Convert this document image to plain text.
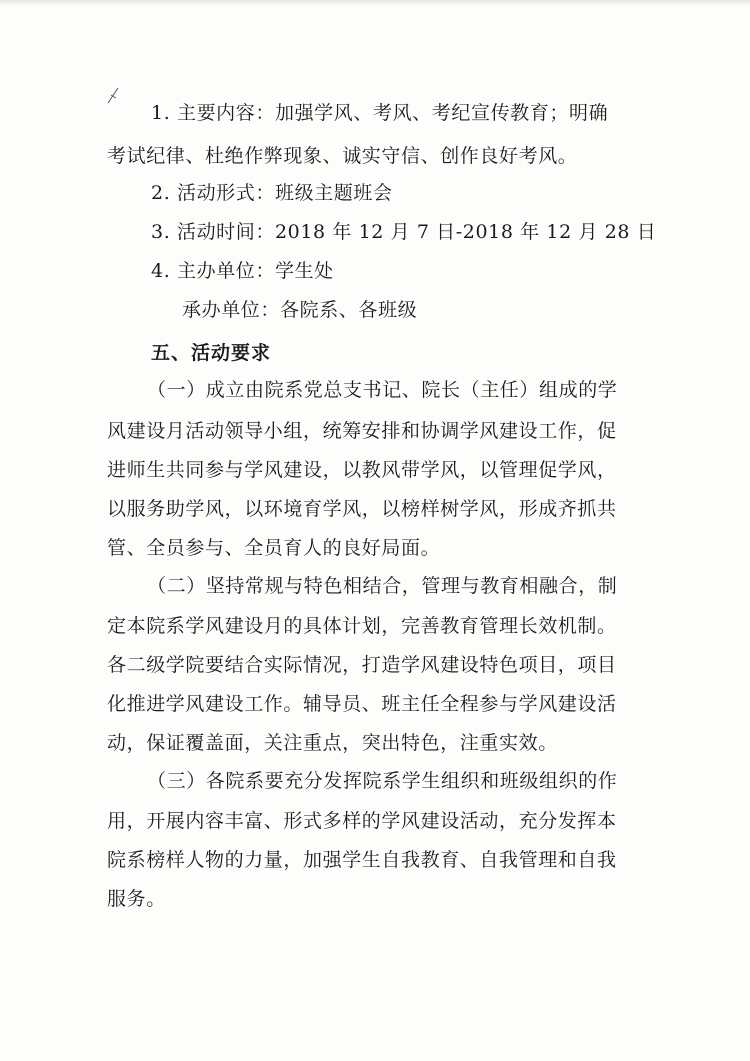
1. 主要内容：加强学风、考风、考纪宣传教育；明确
考试纪律、杜绝作弊现象、诚实守信、创作良好考风。
2. 活动形式：班级主题班会
3. 活动时间：2018 年 12 月 7 日-2018 年 12 月 28 日
4. 主办单位：学生处
承办单位：各院系、各班级
五、活动要求
（一）成立由院系党总支书记、院长（主任）组成的学
风建设月活动领导小组，统筹安排和协调学风建设工作，促
进师生共同参与学风建设，以教风带学风，以管理促学风，
以服务助学风，以环境育学风，以榜样树学风，形成齐抓共
管、全员参与、全员育人的良好局面。
（二）坚持常规与特色相结合，管理与教育相融合，制
定本院系学风建设月的具体计划，完善教育管理长效机制。
各二级学院要结合实际情况，打造学风建设特色项目，项目
化推进学风建设工作。辅导员、班主任全程参与学风建设活
动，保证覆盖面，关注重点，突出特色，注重实效。
（三）各院系要充分发挥院系学生组织和班级组织的作
用，开展内容丰富、形式多样的学风建设活动，充分发挥本
院系榜样人物的力量，加强学生自我教育、自我管理和自我
服务。
